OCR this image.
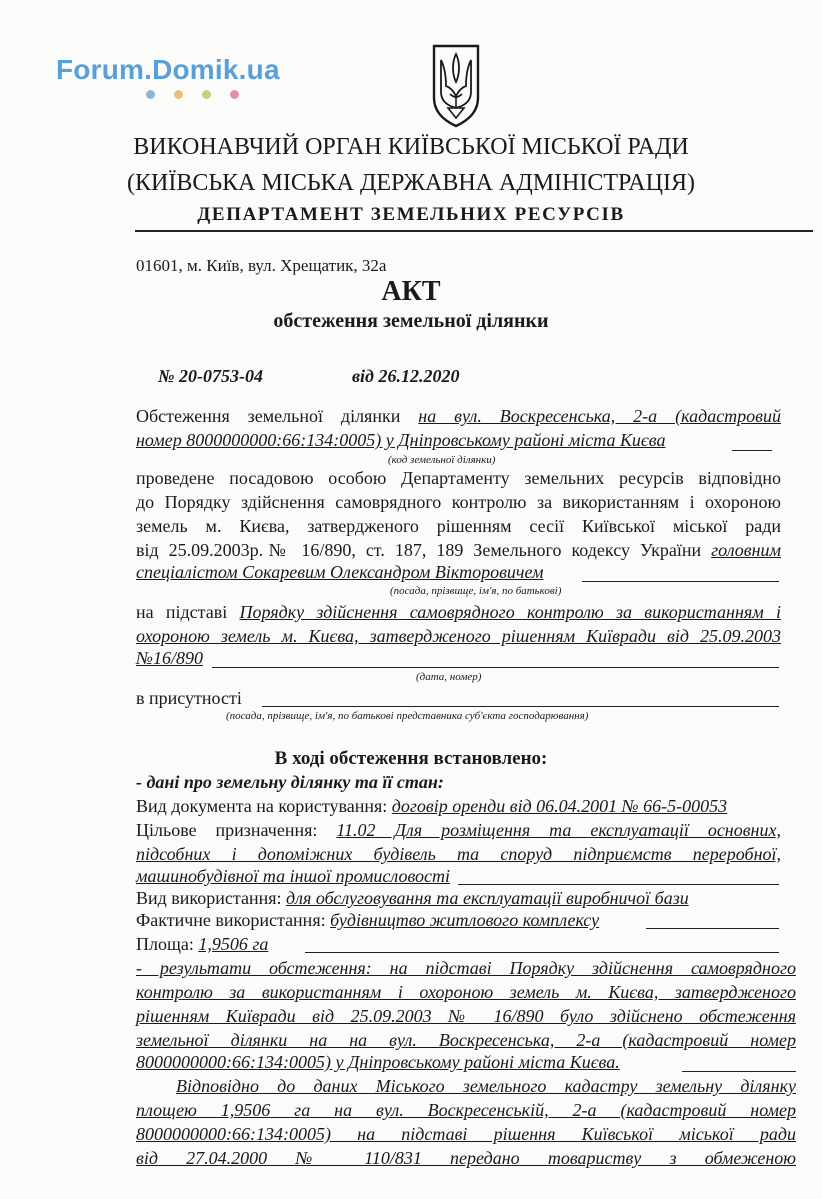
Forum.Domik.ua
ВИКОНАВЧИЙ ОРГАН КИЇВСЬКОЇ МІСЬКОЇ РАДИ
(КИЇВСЬКА МІСЬКА ДЕРЖАВНА АДМІНІСТРАЦІЯ)
ДЕПАРТАМЕНТ ЗЕМЕЛЬНИХ РЕСУРСІВ
01601, м. Київ, вул. Хрещатик, 32а
АКТ
обстеження земельної ділянки
№ 20-0753-04	від 26.12.2020
Обстеження земельної ділянки на вул. Воскресенська, 2-а (кадастровий
номер 8000000000:66:134:0005) у Дніпровському районі міста Києва
(код земельної ділянки)
проведене посадовою особою Департаменту земельних ресурсів відповідно
до Порядку здійснення самоврядного контролю за використанням і охороною
земель м. Києва, затвердженого рішенням сесії Київської міської ради
від 25.09.2003р.№ 16/890, ст. 187, 189 Земельного кодексу України головним
спеціалістом Сокаревим Олександром Вікторовичем
(посада, прізвище, ім'я, по батькові)
на підставі Порядку здійснення самоврядного контролю за використанням і
охороною земель м. Києва, затвердженого рішенням Київради від 25.09.2003
№16/890
(дата, номер)
в присутності
(посада, прізвище, ім'я, по батькові представника суб'єкта господарювання)
В ході обстеження встановлено:
- дані про земельну ділянку та її стан:
Вид документа на користування: договір оренди від 06.04.2001 № 66-5-00053
Цільове призначення: 11.02 Для розміщення та експлуатації основних,
підсобних і допоміжних будівель та споруд підприємств переробної,
машинобудівної та іншої промисловості
Вид використання: для обслуговування та експлуатації виробничої бази
Фактичне використання: будівництво житлового комплексу
Площа: 1,9506 га
- результати обстеження: на підставі Порядку здійснення самоврядного
контролю за використанням і охороною земель м. Києва, затвердженого
рішенням Київради від 25.09.2003 № 16/890 було здійснено обстеження
земельної ділянки на на вул. Воскресенська, 2-а (кадастровий номер
8000000000:66:134:0005) у Дніпровському районі міста Києва.
Відповідно до даних Міського земельного кадастру земельну ділянку
площею 1,9506 га на вул. Воскресенській, 2-а (кадастровий номер
8000000000:66:134:0005) на підставі рішення Київської міської ради
від 27.04.2000 № 110/831 передано товариству з обмеженою
